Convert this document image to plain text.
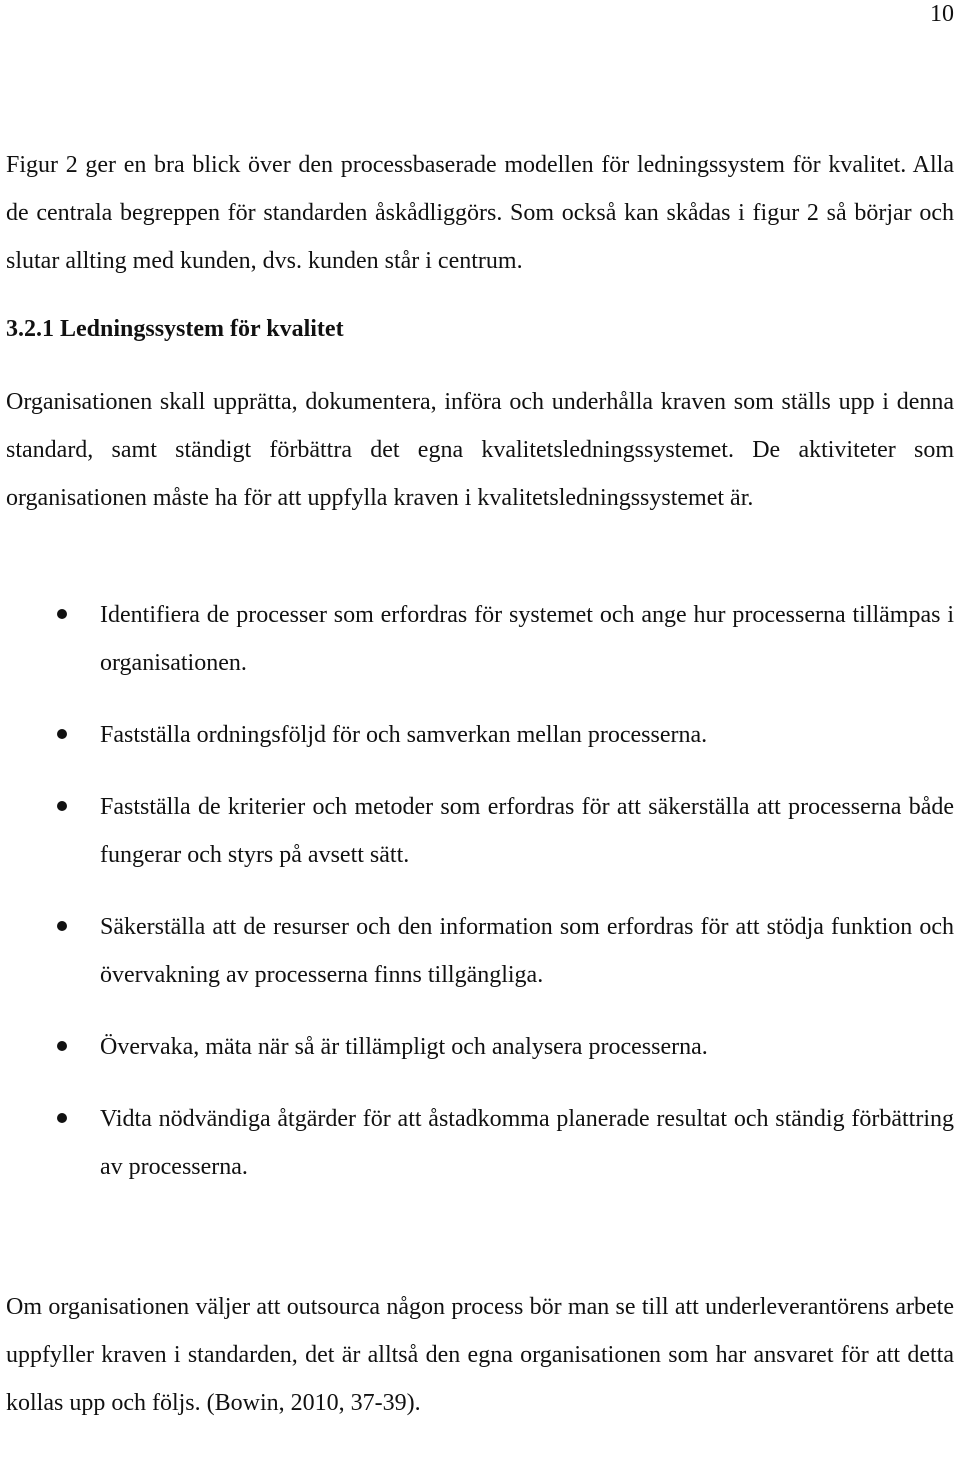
10

Figur 2 ger en bra blick över den processbaserade modellen för ledningssystem för kvalitet. Alla de centrala begreppen för standarden åskådliggörs. Som också kan skådas i figur 2 så börjar och slutar allting med kunden, dvs. kunden står i centrum.

3.2.1 Ledningssystem för kvalitet

Organisationen skall upprätta, dokumentera, införa och underhålla kraven som ställs upp i denna standard, samt ständigt förbättra det egna kvalitetsledningssystemet. De aktiviteter som organisationen måste ha för att uppfylla kraven i kvalitetsledningssystemet är.

Identifiera de processer som erfordras för systemet och ange hur processerna tillämpas i organisationen.
Fastställa ordningsföljd för och samverkan mellan processerna.
Fastställa de kriterier och metoder som erfordras för att säkerställa att processerna både fungerar och styrs på avsett sätt.
Säkerställa att de resurser och den information som erfordras för att stödja funktion och övervakning av processerna finns tillgängliga.
Övervaka, mäta när så är tillämpligt och analysera processerna.
Vidta nödvändiga åtgärder för att åstadkomma planerade resultat och ständig förbättring av processerna.

Om organisationen väljer att outsourca någon process bör man se till att underleverantörens arbete uppfyller kraven i standarden, det är alltså den egna organisationen som har ansvaret för att detta kollas upp och följs. (Bowin, 2010, 37-39).
